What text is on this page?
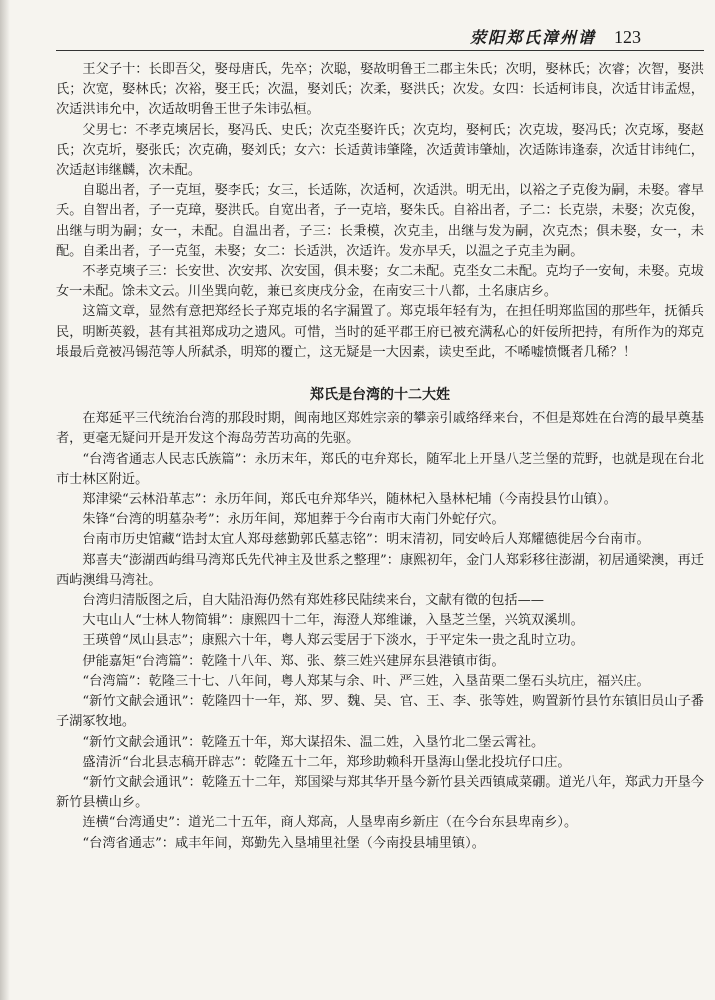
荥阳郑氏漳州谱 123

王父子十：长即吾父，娶母唐氏，先卒；次聪，娶故明鲁王二郡主朱氏；次明，娶林氏；次睿；次智，娶洪氏；次宽，娶林氏；次裕，娶王氏；次温，娶刘氏；次柔，娶洪氏；次发。女四：长适柯讳良，次适甘讳孟煜，次适洪讳允中，次适故明鲁王世子朱讳弘桓。

父男七：不孝克塽居长，娶冯氏、史氏；次克坔娶许氏；次克均，娶柯氏；次克坺，娶冯氏；次克㙇，娶赵氏；次克圻，娶张氏；次克确，娶刘氏；女六：长适黄讳肇隆，次适黄讳肇灿，次适陈讳逢泰，次适甘讳纯仁，次适赵讳继麟，次未配。

自聪出者，子一克垣，娶李氏；女三，长适陈，次适柯，次适洪。明无出，以裕之子克俊为嗣，未娶。睿早夭。自智出者，子一克璋，娶洪氏。自宽出者，子一克培，娶朱氏。自裕出者，子二：长克崇，未娶；次克俊，出继与明为嗣；女一，未配。自温出者，子三：长秉模，次克圭，出继与发为嗣，次克杰；俱未娶，女一，未配。自柔出者，子一克玺，未娶；女二：长适洪，次适许。发亦早夭，以温之子克圭为嗣。

不孝克塽子三：长安世、次安邦、次安国，俱未娶；女二未配。克坔女二未配。克均子一安甸，未娶。克坺女一未配。馀未文云。川坐巽向乾，兼已亥庚戌分金，在南安三十八都，土名康店乡。

这篇文章，显然有意把郑经长子郑克㙊的名字漏置了。郑克㙊年轻有为，在担任明郑监国的那些年，抚循兵民，明断英毅，甚有其祖郑成功之遗风。可惜，当时的延平郡王府已被充满私心的奸佞所把持，有所作为的郑克㙊最后竟被冯锡范等人所弑杀，明郑的覆亡，这无疑是一大因素，读史至此，不唏嘘愤慨者几稀？！

郑氏是台湾的十二大姓

在郑延平三代统治台湾的那段时期，闽南地区郑姓宗亲的攀亲引戚络绎来台，不但是郑姓在台湾的最早奠基者，更毫无疑问开是开发这个海岛劳苦功高的先驱。

“台湾省通志人民志氏族篇”：永历末年，郑氏的屯弁郑长，随军北上开垦八芝兰堡的荒野，也就是现在台北市士林区附近。

郑津梁“云林沿革志”：永历年间，郑氏屯弁郑华兴，随林杞入垦林杞埔（今南投县竹山镇）。

朱锋“台湾的明墓杂考”：永历年间，郑旭葬于今台南市大南门外蛇仔穴。

台南市历史馆藏“诰封太宜人郑母慈勤郭氏墓志铭”：明末清初，同安岭后人郑耀德徙居今台南市。

郑喜夫“澎湖西屿缉马湾郑氏先代神主及世系之整理”：康熙初年，金门人郑彩移往澎湖，初居通梁澳，再迁西屿澳缉马湾社。

台湾归清版图之后，自大陆沿海仍然有郑姓移民陆续来台，文献有徵的包括——

大屯山人“士林人物简辑”：康熙四十二年，海澄人郑维谦，入垦芝兰堡，兴筑双溪圳。

王瑛曾“凤山县志”；康熙六十年，粤人郑云雯居于下淡水，于平定朱一贵之乱时立功。

伊能嘉矩“台湾篇”：乾隆十八年、郑、张、蔡三姓兴建屏东县港镇市街。

“台湾篇”：乾隆三十七、八年间，粤人郑某与余、叶、严三姓，入垦苗栗二堡石头坑庄，福兴庄。

“新竹文献会通讯”：乾隆四十一年，郑、罗、魏、吴、官、王、李、张等姓，购置新竹县竹东镇旧员山子番子湖冢牧地。

“新竹文献会通讯”：乾隆五十年，郑大谋招朱、温二姓，入垦竹北二堡云霄社。

盛清沂“台北县志稿开辟志”：乾隆五十二年，郑珍助赖科开垦海山堡北投坑仔口庄。

“新竹文献会通讯”：乾隆五十二年，郑国梁与郑其华开垦今新竹县关西镇咸菜硼。道光八年，郑武力开垦今新竹县横山乡。

连横“台湾通史”：道光二十五年，商人郑高，人垦卑南乡新庄（在今台东县卑南乡）。

“台湾省通志”：咸丰年间，郑勤先入垦埔里社堡（今南投县埔里镇）。
